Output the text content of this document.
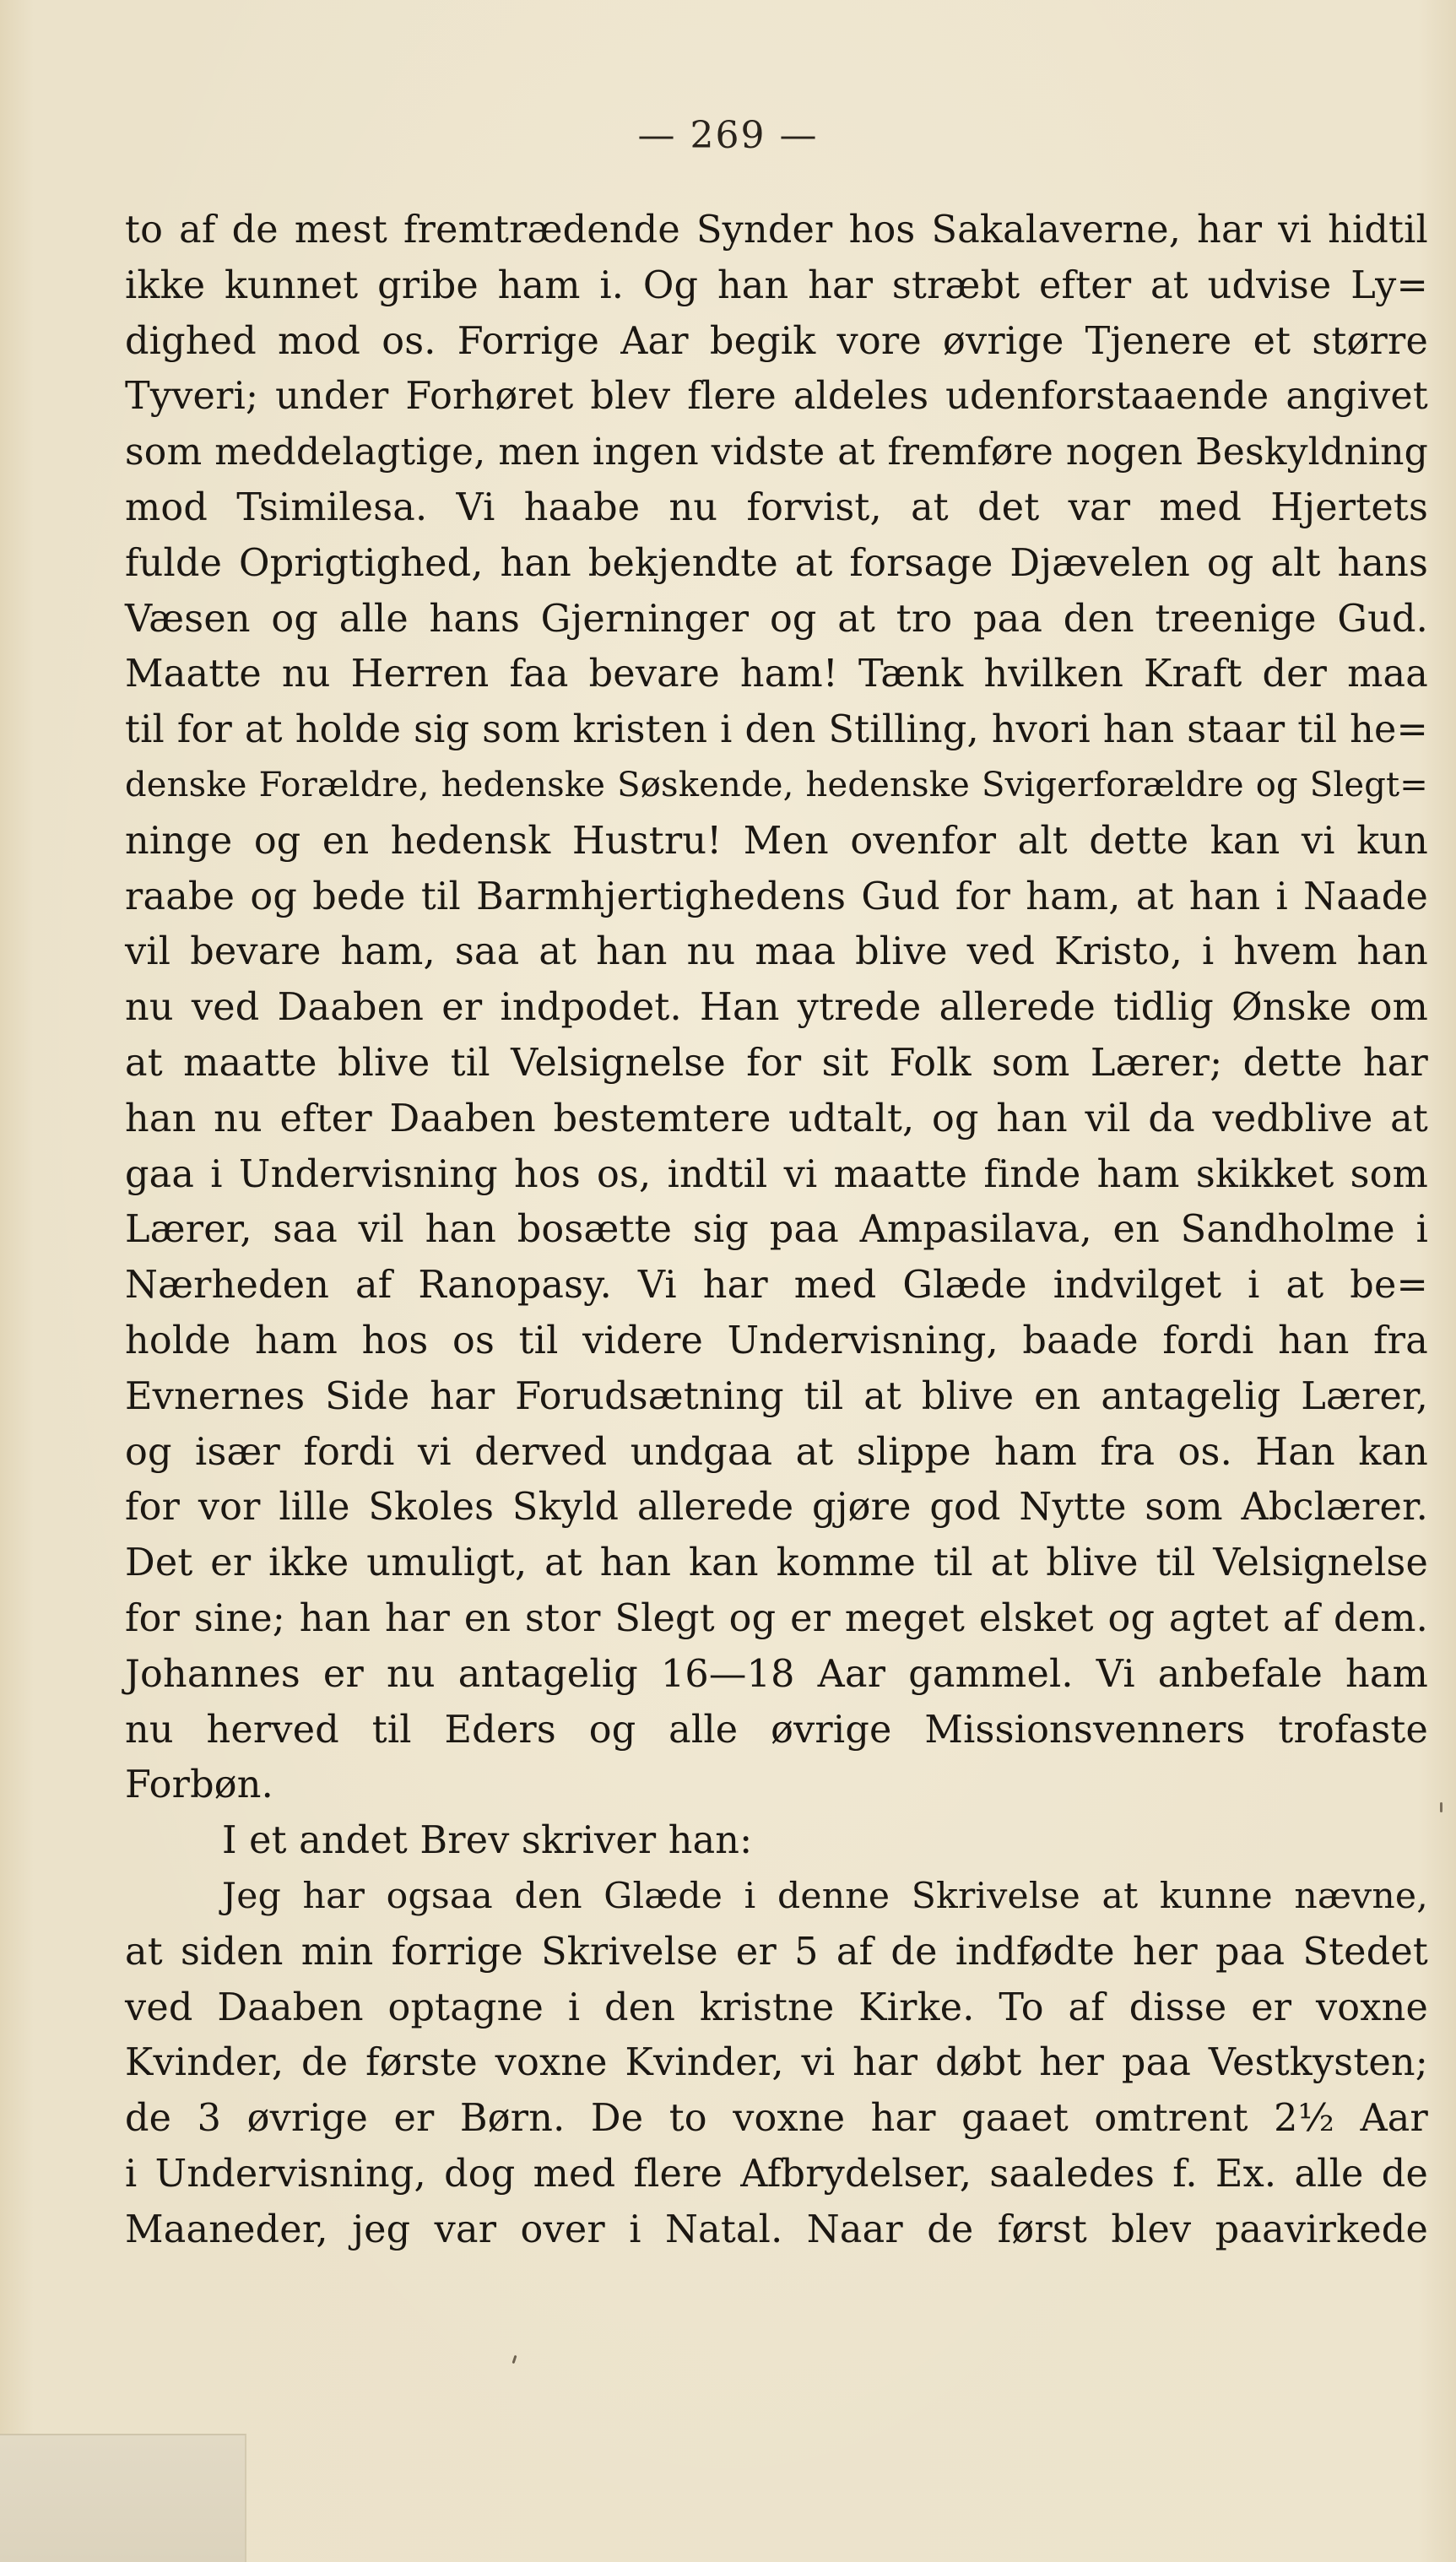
— 269 —
to af de mest fremtrædende Synder hos Sakalaverne, har vi hidtil
ikke kunnet gribe ham i. Og han har stræbt efter at udvise Ly=
dighed mod os. Forrige Aar begik vore øvrige Tjenere et større
Tyveri; under Forhøret blev flere aldeles udenforstaaende angivet
som meddelagtige, men ingen vidste at fremføre nogen Beskyldning
mod Tsimilesa. Vi haabe nu forvist, at det var med Hjertets
fulde Oprigtighed, han bekjendte at forsage Djævelen og alt hans
Væsen og alle hans Gjerninger og at tro paa den treenige Gud.
Maatte nu Herren faa bevare ham! Tænk hvilken Kraft der maa
til for at holde sig som kristen i den Stilling, hvori han staar til he=
denske Forældre, hedenske Søskende, hedenske Svigerforældre og Slegt=
ninge og en hedensk Hustru! Men ovenfor alt dette kan vi kun
raabe og bede til Barmhjertighedens Gud for ham, at han i Naade
vil bevare ham, saa at han nu maa blive ved Kristo, i hvem han
nu ved Daaben er indpodet. Han ytrede allerede tidlig Ønske om
at maatte blive til Velsignelse for sit Folk som Lærer; dette har
han nu efter Daaben bestemtere udtalt, og han vil da vedblive at
gaa i Undervisning hos os, indtil vi maatte finde ham skikket som
Lærer, saa vil han bosætte sig paa Ampasilava, en Sandholme i
Nærheden af Ranopasy. Vi har med Glæde indvilget i at be=
holde ham hos os til videre Undervisning, baade fordi han fra
Evnernes Side har Forudsætning til at blive en antagelig Lærer,
og især fordi vi derved undgaa at slippe ham fra os. Han kan
for vor lille Skoles Skyld allerede gjøre god Nytte som Abclærer.
Det er ikke umuligt, at han kan komme til at blive til Velsignelse
for sine; han har en stor Slegt og er meget elsket og agtet af dem.
Johannes er nu antagelig 16—18 Aar gammel. Vi anbefale ham
nu herved til Eders og alle øvrige Missionsvenners trofaste
Forbøn.
I et andet Brev skriver han:
Jeg har ogsaa den Glæde i denne Skrivelse at kunne nævne,
at siden min forrige Skrivelse er 5 af de indfødte her paa Stedet
ved Daaben optagne i den kristne Kirke. To af disse er voxne
Kvinder, de første voxne Kvinder, vi har døbt her paa Vestkysten;
de 3 øvrige er Børn. De to voxne har gaaet omtrent 2½ Aar
i Undervisning, dog med flere Afbrydelser, saaledes f. Ex. alle de
Maaneder, jeg var over i Natal. Naar de først blev paavirkede
